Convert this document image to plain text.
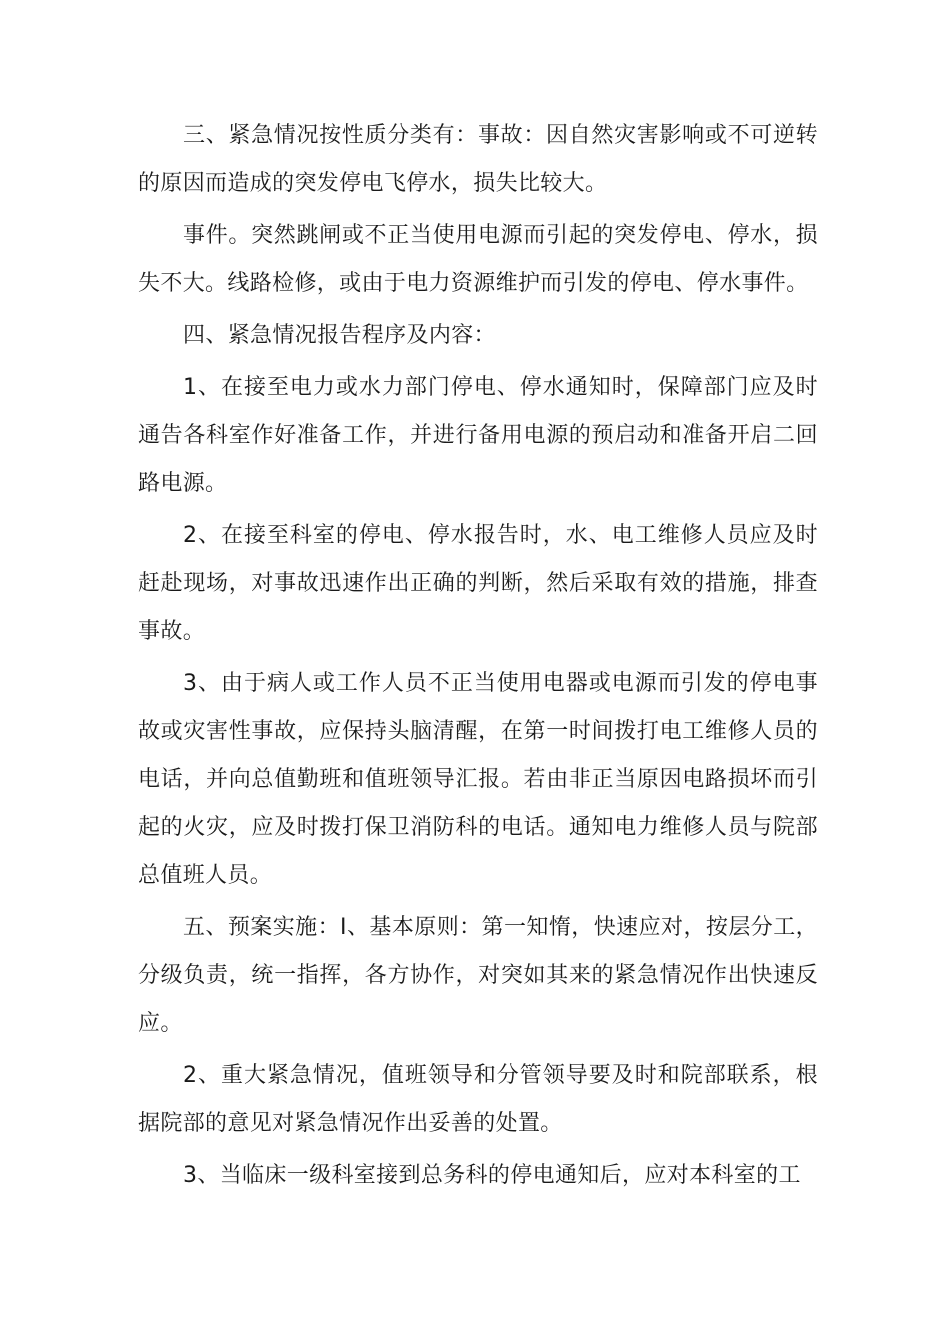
三、紧急情况按性质分类有：事故：因自然灾害影响或不可逆转的原因而造成的突发停电飞停水，损失比较大。

事件。突然跳闸或不正当使用电源而引起的突发停电、停水，损失不大。线路检修，或由于电力资源维护而引发的停电、停水事件。

四、紧急情况报告程序及内容：

1、在接至电力或水力部门停电、停水通知时，保障部门应及时通告各科室作好准备工作，并进行备用电源的预启动和准备开启二回路电源。

2、在接至科室的停电、停水报告时，水、电工维修人员应及时赶赴现场，对事故迅速作出正确的判断，然后采取有效的措施，排查事故。

3、由于病人或工作人员不正当使用电器或电源而引发的停电事故或灾害性事故，应保持头脑清醒，在第一时间拨打电工维修人员的电话，并向总值勤班和值班领导汇报。若由非正当原因电路损坏而引起的火灾，应及时拨打保卫消防科的电话。通知电力维修人员与院部总值班人员。

五、预案实施：I、基本原则：第一知惰，快速应对，按层分工，分级负责，统一指挥，各方协作，对突如其来的紧急情况作出快速反应。

2、重大紧急情况，值班领导和分管领导要及时和院部联系，根据院部的意见对紧急情况作出妥善的处置。

3、当临床一级科室接到总务科的停电通知后，应对本科室的工
